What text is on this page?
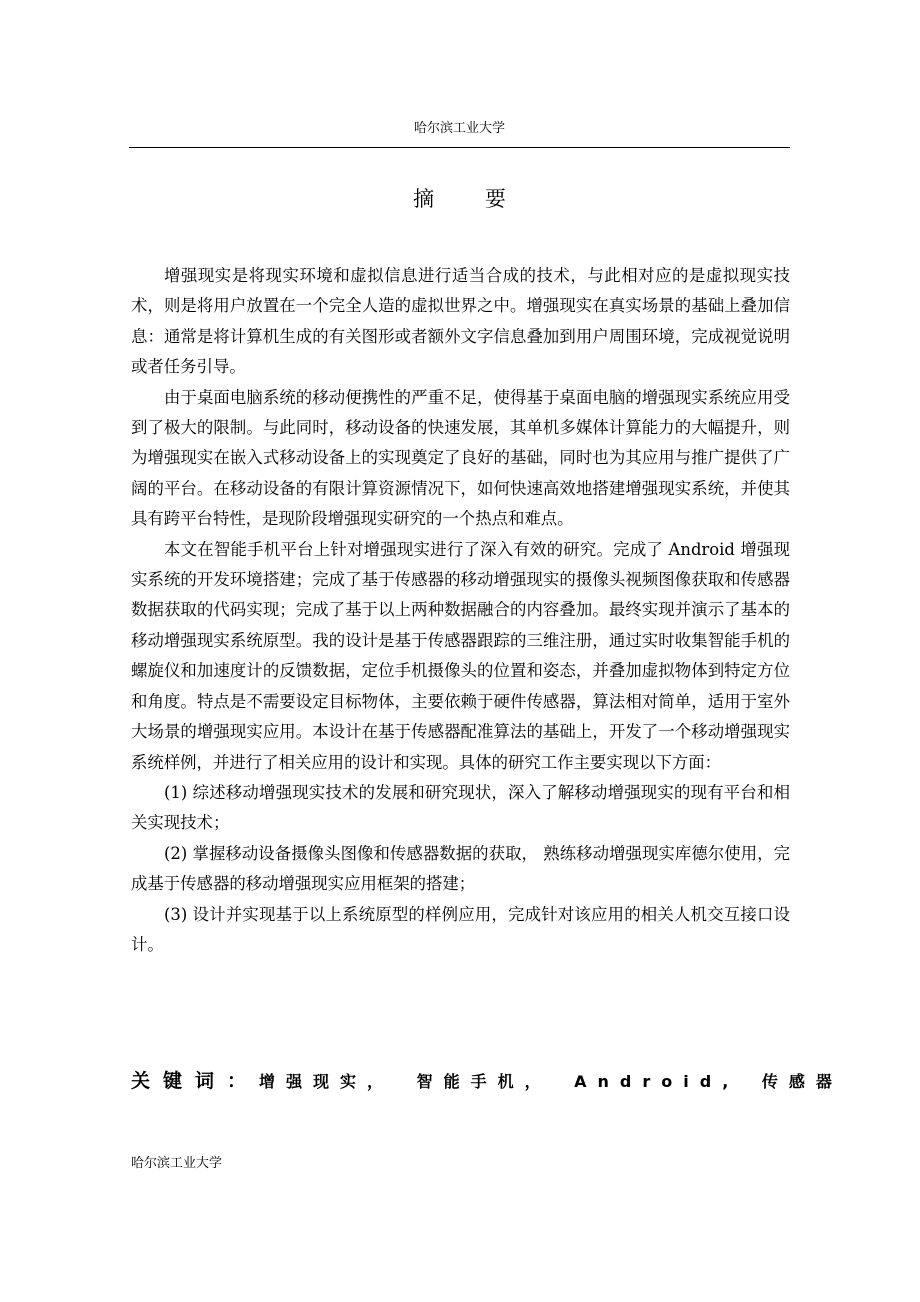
哈尔滨工业大学
摘 要

增强现实是将现实环境和虚拟信息进行适当合成的技术，与此相对应的是虚拟现实技术，则是将用户放置在一个完全人造的虚拟世界之中。增强现实在真实场景的基础上叠加信息：通常是将计算机生成的有关图形或者额外文字信息叠加到用户周围环境，完成视觉说明或者任务引导。

由于桌面电脑系统的移动便携性的严重不足，使得基于桌面电脑的增强现实系统应用受到了极大的限制。与此同时，移动设备的快速发展，其单机多媒体计算能力的大幅提升，则为增强现实在嵌入式移动设备上的实现奠定了良好的基础，同时也为其应用与推广提供了广阔的平台。在移动设备的有限计算资源情况下，如何快速高效地搭建增强现实系统，并使其具有跨平台特性，是现阶段增强现实研究的一个热点和难点。

本文在智能手机平台上针对增强现实进行了深入有效的研究。完成了 Android 增强现实系统的开发环境搭建；完成了基于传感器的移动增强现实的摄像头视频图像获取和传感器数据获取的代码实现；完成了基于以上两种数据融合的内容叠加。最终实现并演示了基本的移动增强现实系统原型。我的设计是基于传感器跟踪的三维注册，通过实时收集智能手机的螺旋仪和加速度计的反馈数据，定位手机摄像头的位置和姿态，并叠加虚拟物体到特定方位和角度。特点是不需要设定目标物体，主要依赖于硬件传感器，算法相对简单，适用于室外大场景的增强现实应用。本设计在基于传感器配准算法的基础上，开发了一个移动增强现实系统样例，并进行了相关应用的设计和实现。具体的研究工作主要实现以下方面：

(1) 综述移动增强现实技术的发展和研究现状，深入了解移动增强现实的现有平台和相关实现技术；

(2) 掌握移动设备摄像头图像和传感器数据的获取， 熟练移动增强现实库德尔使用，完成基于传感器的移动增强现实应用框架的搭建；

(3) 设计并实现基于以上系统原型的样例应用，完成针对该应用的相关人机交互接口设计。

关键词：增强现实， 智能手机， Android, 传感器
哈尔滨工业大学
